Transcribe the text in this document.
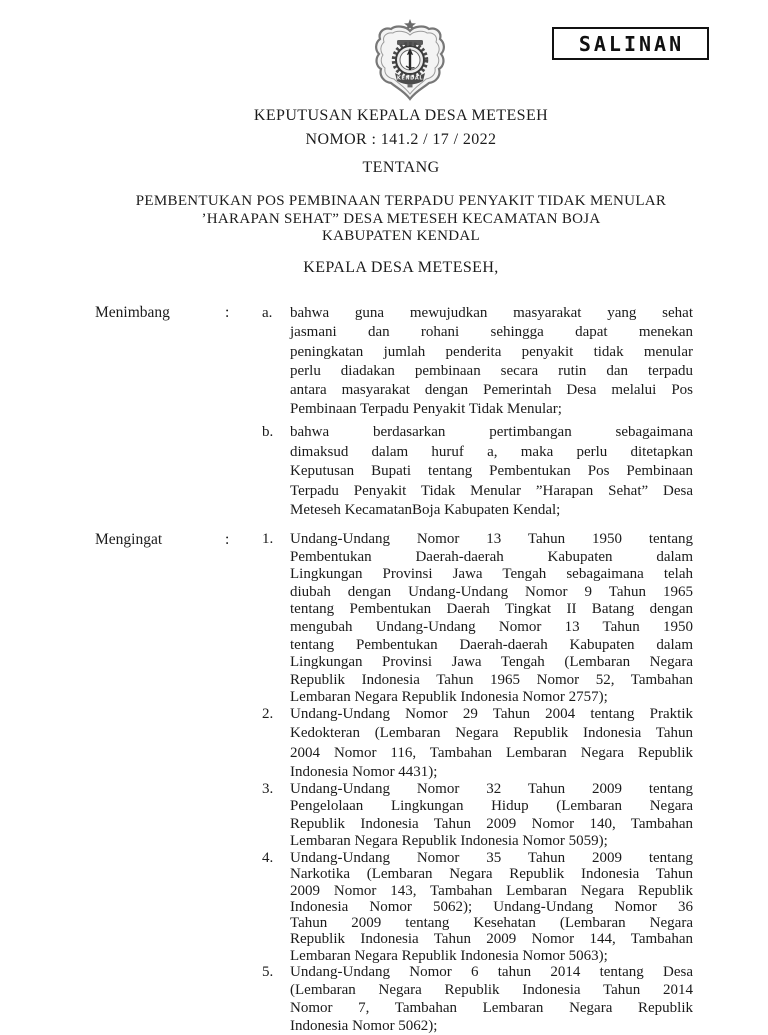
KENDAL
SALINAN
KEPUTUSAN KEPALA DESA METESEH
NOMOR : 141.2 / 17 / 2022
TENTANG
PEMBENTUKAN POS PEMBINAAN TERPADU PENYAKIT TIDAK MENULAR
’HARAPAN SEHAT” DESA METESEH KECAMATAN BOJA
KABUPATEN KENDAL
KEPALA DESA METESEH,
Menimbang	: a.	bahwa guna mewujudkan masyarakat yang sehat
jasmani dan rohani sehingga dapat menekan
peningkatan jumlah penderita penyakit tidak menular
perlu diadakan pembinaan secara rutin dan terpadu
antara masyarakat dengan Pemerintah Desa melalui Pos
Pembinaan Terpadu Penyakit Tidak Menular;
b.	bahwa berdasarkan pertimbangan sebagaimana
dimaksud dalam huruf a, maka perlu ditetapkan
Keputusan Bupati tentang Pembentukan Pos Pembinaan
Terpadu Penyakit Tidak Menular ”Harapan Sehat” Desa
Meteseh KecamatanBoja Kabupaten Kendal;
Mengingat	: 1.	Undang-Undang Nomor 13 Tahun 1950 tentang
Pembentukan Daerah-daerah Kabupaten dalam
Lingkungan Provinsi Jawa Tengah sebagaimana telah
diubah dengan Undang-Undang Nomor 9 Tahun 1965
tentang Pembentukan Daerah Tingkat II Batang dengan
mengubah Undang-Undang Nomor 13 Tahun 1950
tentang Pembentukan Daerah-daerah Kabupaten dalam
Lingkungan Provinsi Jawa Tengah (Lembaran Negara
Republik Indonesia Tahun 1965 Nomor 52, Tambahan
Lembaran Negara Republik Indonesia Nomor 2757);
2.	Undang-Undang Nomor 29 Tahun 2004 tentang Praktik
Kedokteran (Lembaran Negara Republik Indonesia Tahun
2004 Nomor 116, Tambahan Lembaran Negara Republik
Indonesia Nomor 4431);
3.	Undang-Undang Nomor 32 Tahun 2009 tentang
Pengelolaan Lingkungan Hidup (Lembaran Negara
Republik Indonesia Tahun 2009 Nomor 140, Tambahan
Lembaran Negara Republik Indonesia Nomor 5059);
4.	Undang-Undang Nomor 35 Tahun 2009 tentang
Narkotika (Lembaran Negara Republik Indonesia Tahun
2009 Nomor 143, Tambahan Lembaran Negara Republik
Indonesia Nomor 5062); Undang-Undang Nomor 36
Tahun 2009 tentang Kesehatan (Lembaran Negara
Republik Indonesia Tahun 2009 Nomor 144, Tambahan
Lembaran Negara Republik Indonesia Nomor 5063);
5.	Undang-Undang Nomor 6 tahun 2014 tentang Desa
(Lembaran Negara Republik Indonesia Tahun 2014
Nomor 7, Tambahan Lembaran Negara Republik
Indonesia Nomor 5062);
